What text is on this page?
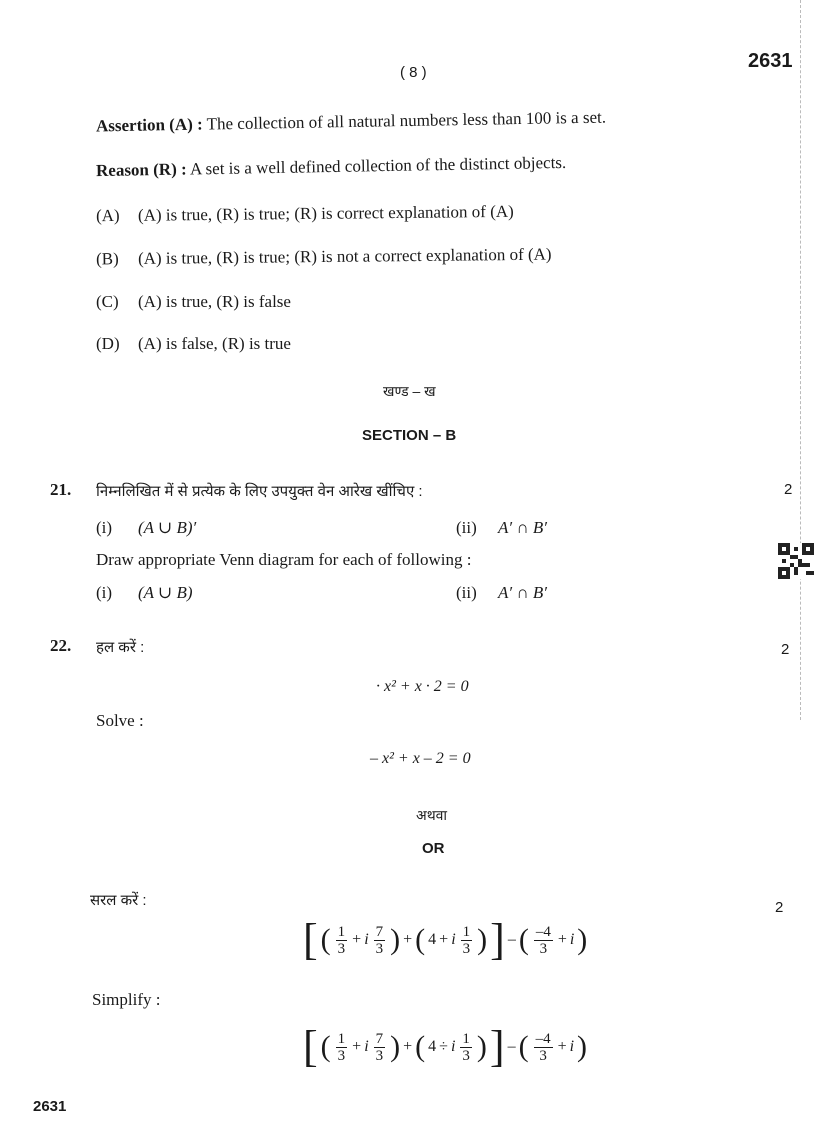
( 8 )
2631
Assertion (A) : The collection of all natural numbers less than 100 is a set.
Reason (R) : A set is a well defined collection of the distinct objects.
(A) (A) is true, (R) is true; (R) is correct explanation of (A)
(B) (A) is true, (R) is true; (R) is not a correct explanation of (A)
(C) (A) is true, (R) is false
(D) (A) is false, (R) is true
खण्ड – ख
SECTION – B
21. निम्नलिखित में से प्रत्येक के लिए उपयुक्त वेन आरेख खींचिए :	2
(i) (A ∪ B)′	(ii) A′ ∩ B′
Draw appropriate Venn diagram for each of following :
(i) (A ∪ B)	(ii) A′ ∩ B′
22. हल करें :	2
· x² + x · 2 = 0
Solve :
– x² + x – 2 = 0
अथवा
OR
सरल करें :	2
[ ( $\frac{1}{3} + i \frac{7}{3}$ ) + ( 4 + i $\frac{1}{3}$ ) ] – ( $\frac{-4}{3} + i$ )
Simplify :
[ ( $\frac{1}{3} + i \frac{7}{3}$ ) + ( 4 ÷ i $\frac{1}{3}$ ) ] – ( $\frac{-4}{3} + i$ )
2631
